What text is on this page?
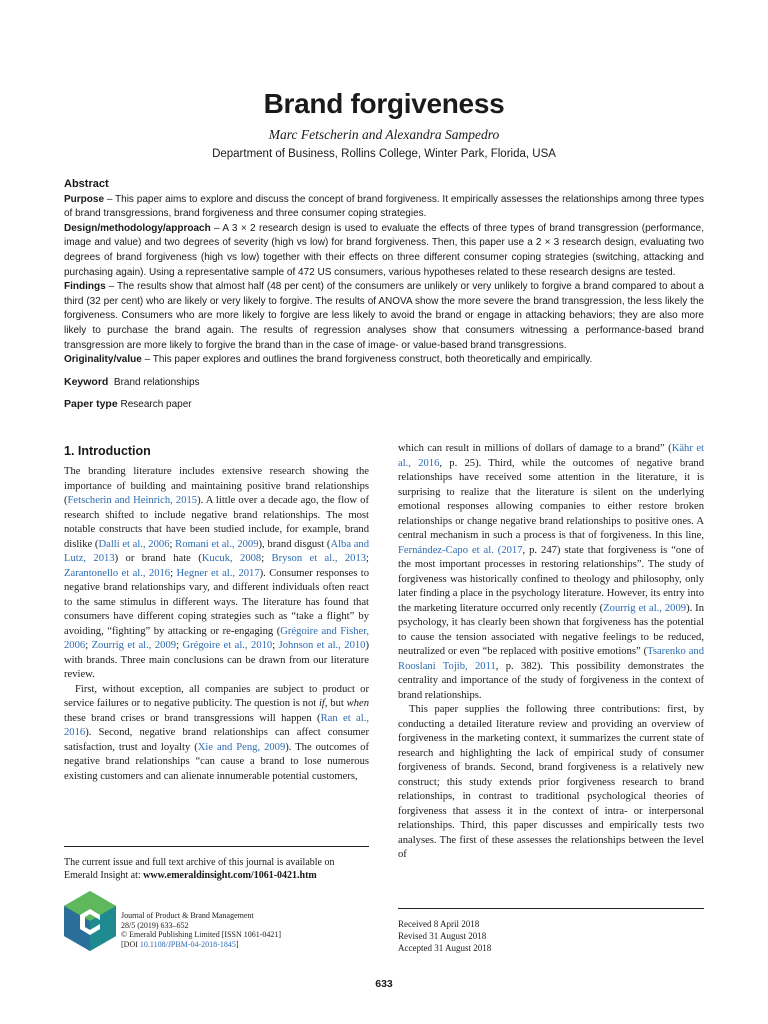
Brand forgiveness
Marc Fetscherin and Alexandra Sampedro
Department of Business, Rollins College, Winter Park, Florida, USA

Abstract

Purpose – This paper aims to explore and discuss the concept of brand forgiveness. It empirically assesses the relationships among three types of brand transgressions, brand forgiveness and three consumer coping strategies.

Design/methodology/approach – A 3 × 2 research design is used to evaluate the effects of three types of brand transgression (performance, image and value) and two degrees of severity (high vs low) for brand forgiveness. Then, this paper use a 2 × 3 research design, evaluating two degrees of brand forgiveness (high vs low) together with their effects on three different consumer coping strategies (switching, attacking and purchasing again). Using a representative sample of 472 US consumers, various hypotheses related to these research designs are tested.

Findings – The results show that almost half (48 per cent) of the consumers are unlikely or very unlikely to forgive a brand compared to about a third (32 per cent) who are likely or very likely to forgive. The results of ANOVA show the more severe the brand transgression, the less likely the forgiveness. Consumers who are more likely to forgive are less likely to avoid the brand or engage in attacking behaviors; they are also more likely to purchase the brand again. The results of regression analyses show that consumers witnessing a performance-based brand transgression are more likely to forgive the brand than in the case of image- or value-based brand transgressions.

Originality/value – This paper explores and outlines the brand forgiveness construct, both theoretically and empirically.

Keyword Brand relationships
Paper type Research paper
1. Introduction

The branding literature includes extensive research showing the importance of building and maintaining positive brand relationships (Fetscherin and Heinrich, 2015). A little over a decade ago, the flow of research shifted to include negative brand relationships. The most notable constructs that have been studied include, for example, brand dislike (Dalli et al., 2006; Romani et al., 2009), brand disgust (Alba and Lutz, 2013) or brand hate (Kucuk, 2008; Bryson et al., 2013; Zarantonello et al., 2016; Hegner et al., 2017). Consumer responses to negative brand relationships vary, and different individuals often react to the same stimulus in different ways. The literature has found that consumers have different coping strategies such as “take a flight” by avoiding, “fighting” by attacking or re-engaging (Grégoire and Fisher, 2006; Zourrig et al., 2009; Grégoire et al., 2010; Johnson et al., 2010) with brands. Three main conclusions can be drawn from our literature review.

First, without exception, all companies are subject to product or service failures or to negative publicity. The question is not if, but when these brand crises or brand transgressions will happen (Ran et al., 2016). Second, negative brand relationships can affect consumer satisfaction, trust and loyalty (Xie and Peng, 2009). The outcomes of negative brand relationships “can cause a brand to lose numerous existing customers and can alienate innumerable potential customers,

which can result in millions of dollars of damage to a brand” (Kähr et al., 2016, p. 25). Third, while the outcomes of negative brand relationships have received some attention in the literature, it is surprising to realize that the literature is silent on the underlying emotional responses allowing companies to either restore broken relationships or change negative brand relationships to positive ones. A central mechanism in such a process is that of forgiveness. In this line, Fernández-Capo et al. (2017, p. 247) state that forgiveness is “one of the most important processes in restoring relationships”. The study of forgiveness was historically confined to theology and philosophy, only later finding a place in the psychology literature. However, its entry into the marketing literature occurred only recently (Zourrig et al., 2009). In psychology, it has clearly been shown that forgiveness has the potential to cause the tension associated with negative feelings to be reduced, neutralized or even “be replaced with positive emotions” (Tsarenko and Rooslani Tojib, 2011, p. 382). This possibility demonstrates the centrality and importance of the study of forgiveness in the context of brand relationships.

This paper supplies the following three contributions: first, by conducting a detailed literature review and providing an overview of forgiveness in the marketing context, it summarizes the current state of research and highlighting the lack of empirical study of consumer forgiveness of brands. Second, brand forgiveness is a relatively new construct; this study extends prior forgiveness research to brand relationships, in contrast to traditional psychological theories of forgiveness that assess it in the context of intra- or interpersonal relationships. Third, this paper discusses and empirically tests two analyses. The first of these assesses the relationships between the level of

The current issue and full text archive of this journal is available on Emerald Insight at: www.emeraldinsight.com/1061-0421.htm
Journal of Product & Brand Management
28/5 (2019) 633–652
© Emerald Publishing Limited [ISSN 1061-0421]
[DOI 10.1108/JPBM-04-2018-1845]
Received 8 April 2018
Revised 31 August 2018
Accepted 31 August 2018
633
